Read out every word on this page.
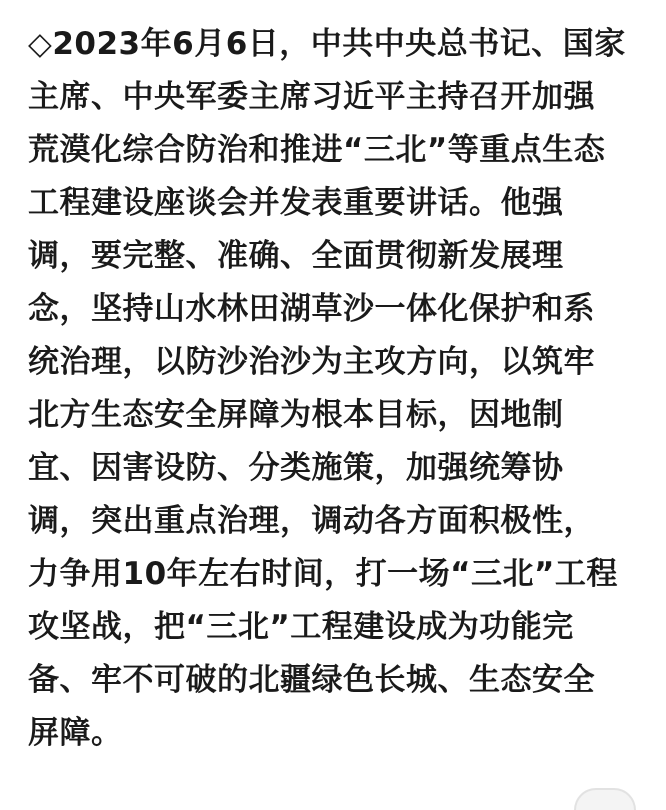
◇2023年6月6日，中共中央总书记、国家
主席、中央军委主席习近平主持召开加强
荒漠化综合防治和推进“三北”等重点生态
工程建设座谈会并发表重要讲话。他强
调，要完整、准确、全面贯彻新发展理
念，坚持山水林田湖草沙一体化保护和系
统治理，以防沙治沙为主攻方向，以筑牢
北方生态安全屏障为根本目标，因地制
宜、因害设防、分类施策，加强统筹协
调，突出重点治理，调动各方面积极性，
力争用10年左右时间，打一场“三北”工程
攻坚战，把“三北”工程建设成为功能完
备、牢不可破的北疆绿色长城、生态安全
屏障。
